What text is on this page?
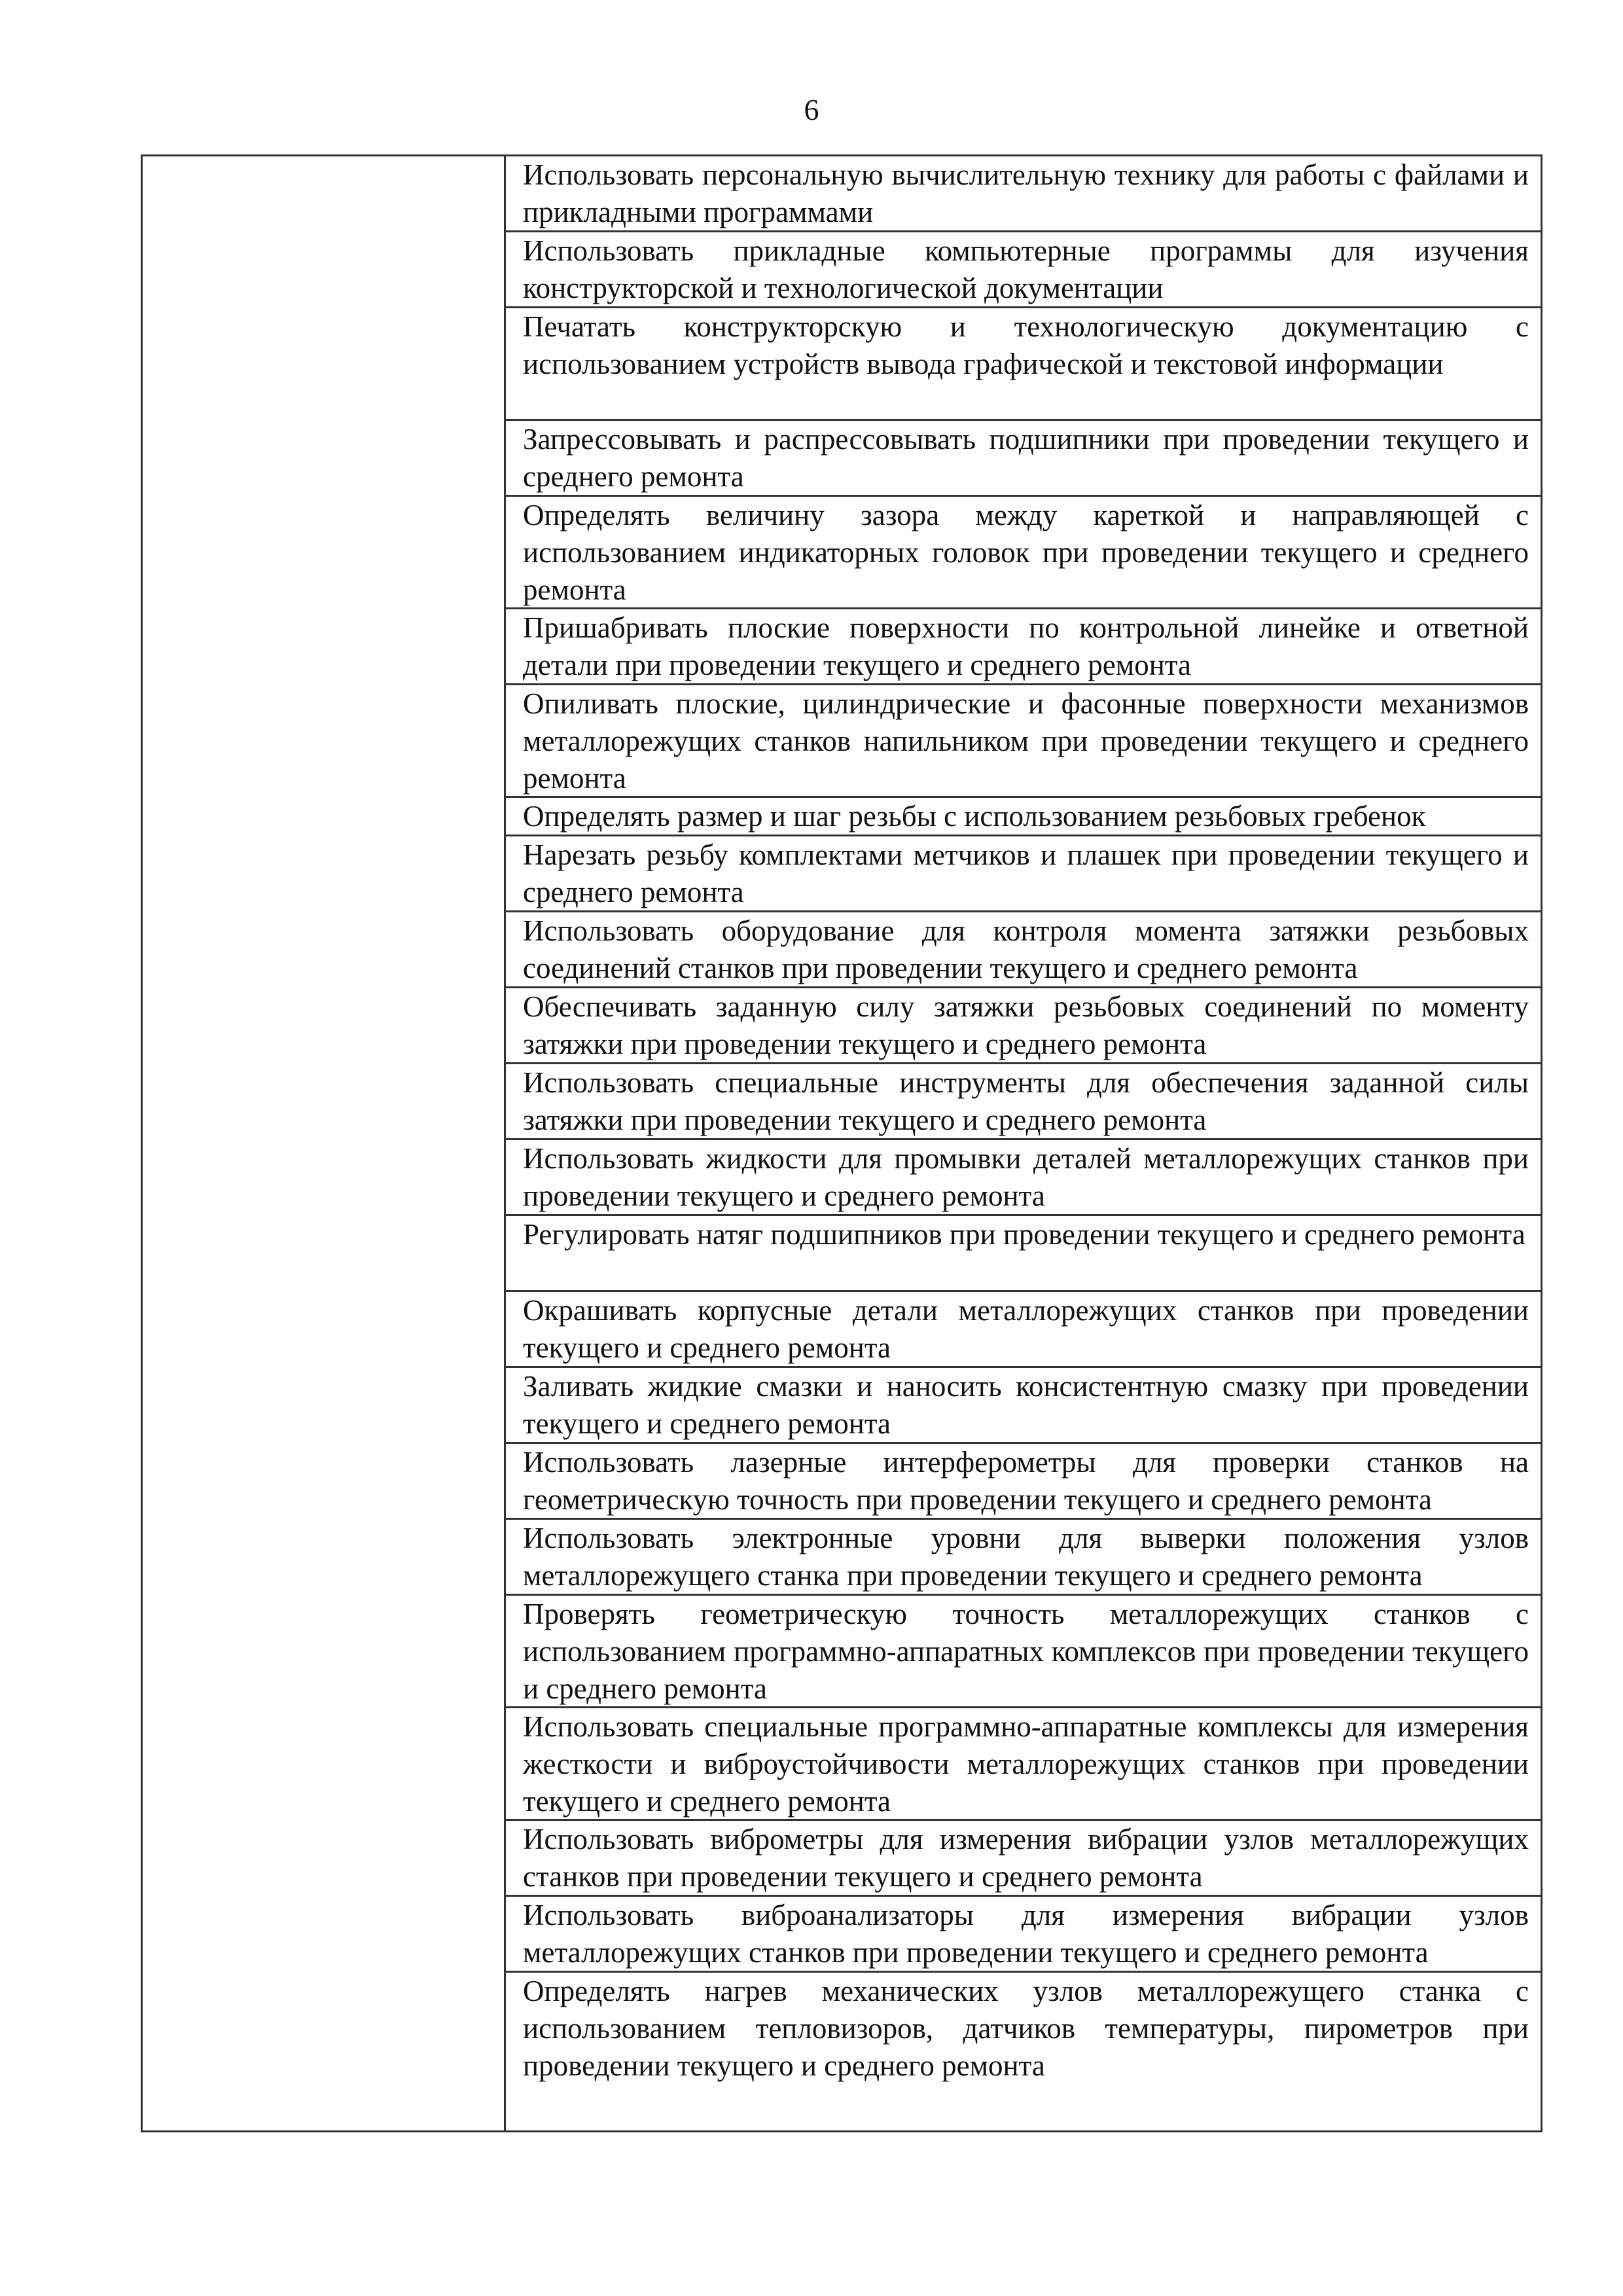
6
Использовать персональную вычислительную технику для работы с файлами и прикладными программами
Использовать прикладные компьютерные программы для изучения конструкторской и технологической документации
Печатать конструкторскую и технологическую документацию с использованием устройств вывода графической и текстовой информации
Запрессовывать и распрессовывать подшипники при проведении текущего и среднего ремонта
Определять величину зазора между кареткой и направляющей с использованием индикаторных головок при проведении текущего и среднего ремонта
Пришабривать плоские поверхности по контрольной линейке и ответной детали при проведении текущего и среднего ремонта
Опиливать плоские, цилиндрические и фасонные поверхности механизмов металлорежущих станков напильником при проведении текущего и среднего ремонта
Определять размер и шаг резьбы с использованием резьбовых гребенок
Нарезать резьбу комплектами метчиков и плашек при проведении текущего и среднего ремонта
Использовать оборудование для контроля момента затяжки резьбовых соединений станков при проведении текущего и среднего ремонта
Обеспечивать заданную силу затяжки резьбовых соединений по моменту затяжки при проведении текущего и среднего ремонта
Использовать специальные инструменты для обеспечения заданной силы затяжки при проведении текущего и среднего ремонта
Использовать жидкости для промывки деталей металлорежущих станков при проведении текущего и среднего ремонта
Регулировать натяг подшипников при проведении текущего и среднего ремонта
Окрашивать корпусные детали металлорежущих станков при проведении текущего и среднего ремонта
Заливать жидкие смазки и наносить консистентную смазку при проведении текущего и среднего ремонта
Использовать лазерные интерферометры для проверки станков на геометрическую точность при проведении текущего и среднего ремонта
Использовать электронные уровни для выверки положения узлов металлорежущего станка при проведении текущего и среднего ремонта
Проверять геометрическую точность металлорежущих станков с использованием программно-аппаратных комплексов при проведении текущего и среднего ремонта
Использовать специальные программно-аппаратные комплексы для измерения жесткости и виброустойчивости металлорежущих станков при проведении текущего и среднего ремонта
Использовать виброметры для измерения вибрации узлов металлорежущих станков при проведении текущего и среднего ремонта
Использовать виброанализаторы для измерения вибрации узлов металлорежущих станков при проведении текущего и среднего ремонта
Определять нагрев механических узлов металлорежущего станка с использованием тепловизоров, датчиков температуры, пирометров при проведении текущего и среднего ремонта
